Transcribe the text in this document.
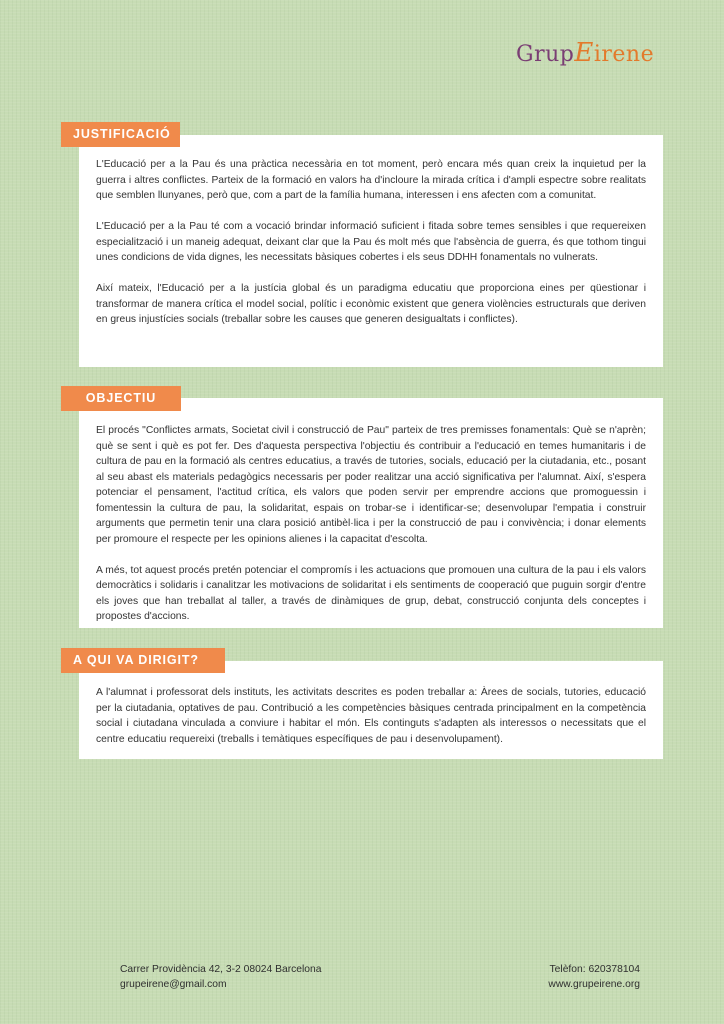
GrupEirene

L'Educació per a la Pau és una pràctica necessària en tot moment, però encara més quan creix la inquietud per la guerra i altres conflictes. Parteix de la formació en valors ha d'incloure la mirada crítica i d'ampli espectre sobre realitats que semblen llunyanes, però que, com a part de la família humana, interessen i ens afecten com a comunitat.

L'Educació per a la Pau té com a vocació brindar informació suficient i fitada sobre temes sensibles i que requereixen especialització i un maneig adequat, deixant clar que la Pau és molt més que l'absència de guerra, és que tothom tingui unes condicions de vida dignes, les necessitats bàsiques cobertes i els seus DDHH fonamentals no vulnerats.

Així mateix, l'Educació per a la justícia global és un paradigma educatiu que proporciona eines per qüestionar i transformar de manera crítica el model social, polític i econòmic existent que genera violències estructurals que deriven en greus injustícies socials (treballar sobre les causes que generen desigualtats i conflictes).

JUSTIFICACIÓ

El procés "Conflictes armats, Societat civil i construcció de Pau" parteix de tres premisses fonamentals: Què se n'aprèn; què se sent i què es pot fer. Des d'aquesta perspectiva l'objectiu és contribuir a l'educació en temes humanitaris i de cultura de pau en la formació als centres educatius, a través de tutories, socials, educació per la ciutadania, etc., posant al seu abast els materials pedagògics necessaris per poder realitzar una acció significativa per l'alumnat. Així, s'espera potenciar el pensament, l'actitud crítica, els valors que poden servir per emprendre accions que promoguessin i fomentessin la cultura de pau, la solidaritat, espais on trobar-se i identificar-se; desenvolupar l'empatia i construir arguments que permetin tenir una clara posició antibèl·lica i per la construcció de pau i convivència; i donar elements per promoure el respecte per les opinions alienes i la capacitat d'escolta.

A més, tot aquest procés pretén potenciar el compromís i les actuacions que promouen una cultura de la pau i els valors democràtics i solidaris i canalitzar les motivacions de solidaritat i els sentiments de cooperació que puguin sorgir d'entre els joves que han treballat al taller, a través de dinàmiques de grup, debat, construcció conjunta dels conceptes i propostes d'accions.

OBJECTIU

A l'alumnat i professorat dels instituts, les activitats descrites es poden treballar a: Àrees de socials, tutories, educació per la ciutadania, optatives de pau. Contribució a les competències bàsiques centrada principalment en la competència social i ciutadana vinculada a conviure i habitar el món. Els continguts s'adapten als interessos o necessitats que el centre educatiu requereixi (treballs i temàtiques específiques de pau i desenvolupament).

A QUI VA DIRIGIT?
Carrer Providència 42, 3-2 08024 Barcelona
grupeirene@gmail.com
Telèfon: 620378104
www.grupeirene.org
